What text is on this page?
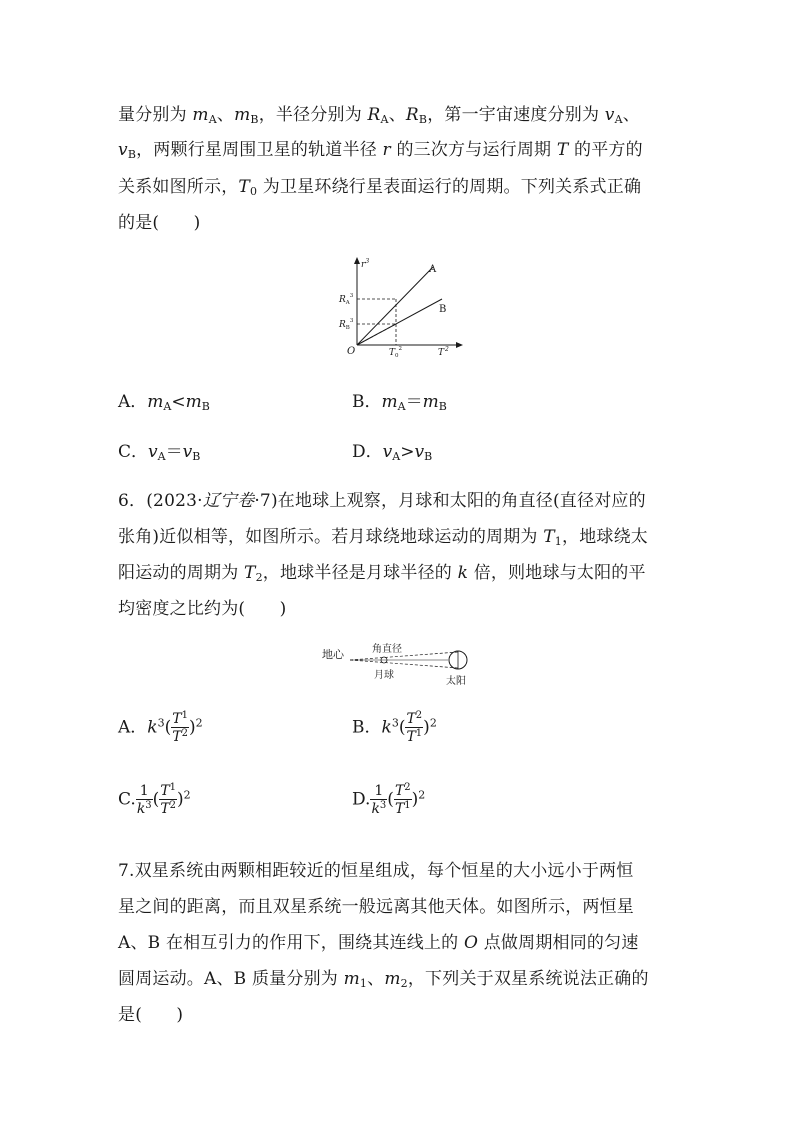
量分别为 $m_A$、$m_B$，半径分别为 $R_A$、$R_B$，第一宇宙速度分别为 $v_A$、
$v_B$，两颗行星周围卫星的轨道半径 r 的三次方与运行周期 T 的平方的
关系如图所示，$T_0$ 为卫星环绕行星表面运行的周期。下列关系式正确
的是(　　)
$r^3$
$T^2$
O
A
B
$R_A^3$
$R_B^3$
$T_0^2$
A．$m_A<m_B$	B．$m_A=m_B$
C．$v_A=v_B$	D．$v_A>v_B$
6．(2023·辽宁卷·7)在地球上观察，月球和太阳的角直径(直径对应的
张角)近似相等，如图所示。若月球绕地球运动的周期为 $T_1$，地球绕太
阳运动的周期为 $T_2$，地球半径是月球半径的 k 倍，则地球与太阳的平
均密度之比约为(　　)
地心	角直径
月球
太阳
A．$k^3( \frac{T^1}{T^2} )^2$	B．$k^3( \frac{T^2}{T^1} )^2$
C. $\frac{1}{k^3}$ ( $\frac{T^1}{T^2} )^2$	D. $\frac{1}{k^3}$ ( $\frac{T^2}{T^1} )^2$
7.双星系统由两颗相距较近的恒星组成，每个恒星的大小远小于两恒
星之间的距离，而且双星系统一般远离其他天体。如图所示，两恒星
A、B 在相互引力的作用下，围绕其连线上的 O 点做周期相同的匀速
圆周运动。A、B 质量分别为 $m_1$、$m_2$，下列关于双星系统说法正确的
是(　　)
